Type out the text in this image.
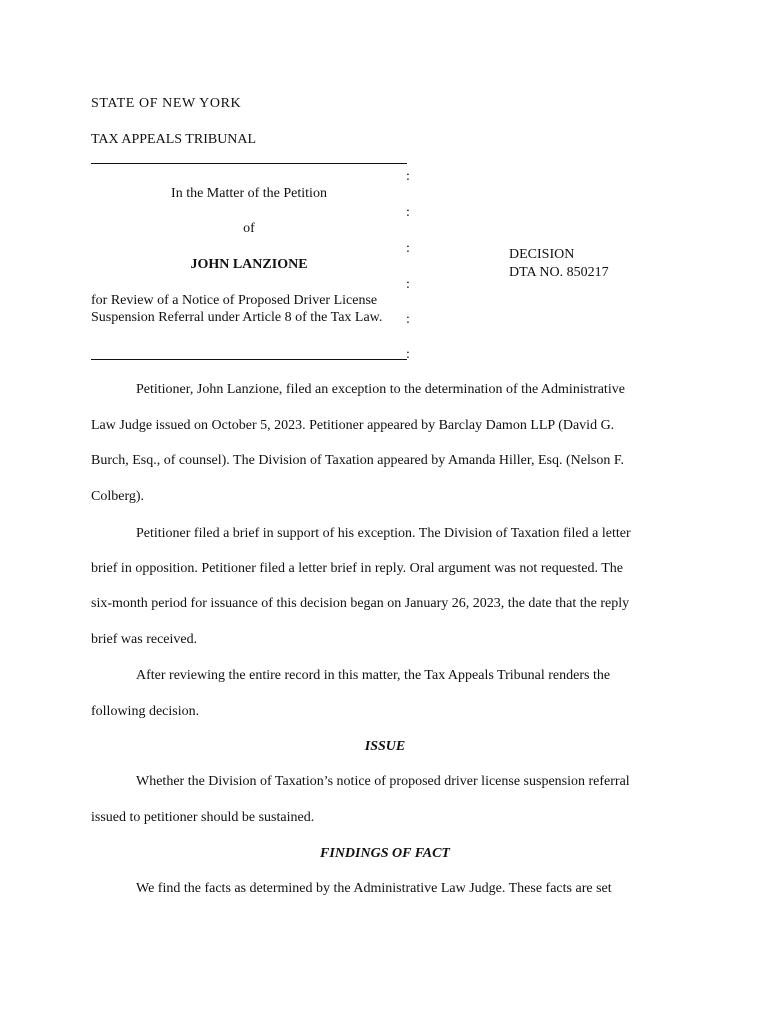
STATE OF NEW YORK
TAX APPEALS TRIBUNAL
:
:
:
:
:
:
In the Matter of the Petition
of
JOHN LANZIONE
for Review of a Notice of Proposed Driver License Suspension Referral under Article 8 of the Tax Law.
DECISION
DTA NO. 850217
Petitioner, John Lanzione, filed an exception to the determination of the Administrative
Law Judge issued on October 5, 2023. Petitioner appeared by Barclay Damon LLP (David G.
Burch, Esq., of counsel). The Division of Taxation appeared by Amanda Hiller, Esq. (Nelson F.
Colberg).
Petitioner filed a brief in support of his exception. The Division of Taxation filed a letter
brief in opposition. Petitioner filed a letter brief in reply. Oral argument was not requested. The
six-month period for issuance of this decision began on January 26, 2023, the date that the reply
brief was received.
After reviewing the entire record in this matter, the Tax Appeals Tribunal renders the
following decision.
ISSUE
Whether the Division of Taxation’s notice of proposed driver license suspension referral
issued to petitioner should be sustained.
FINDINGS OF FACT
We find the facts as determined by the Administrative Law Judge. These facts are set
